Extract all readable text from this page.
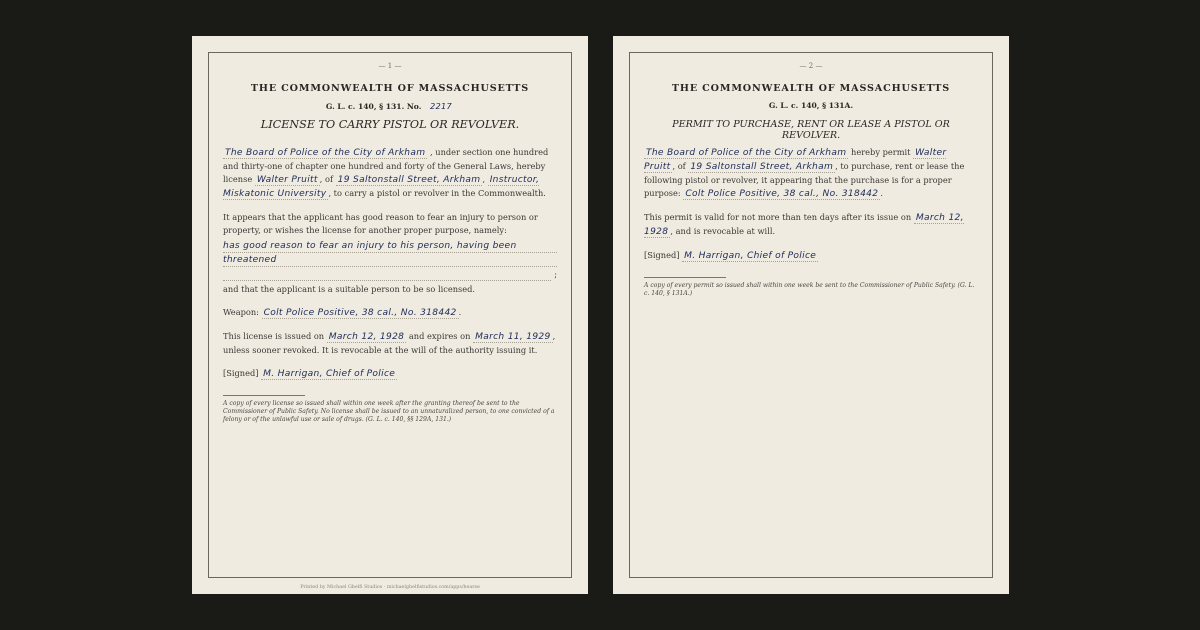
— 1 —
THE COMMONWEALTH OF MASSACHUSETTS
G. L. c. 140, § 131. No. 2217
LICENSE TO CARRY PISTOL OR REVOLVER.

The Board of Police of the City of Arkham , under section one hundred and thirty-one of chapter one hundred and forty of the General Laws, hereby license Walter Pruitt , of 19 Saltonstall Street, Arkham , Instructor, Miskatonic University , to carry a pistol or revolver in the Commonwealth.

It appears that the applicant has good reason to fear an injury to person or property, or wishes the license for another proper purpose, namely:

has good reason to fear an injury to his person, having been
threatened
;

and that the applicant is a suitable person to be so licensed.

Weapon: Colt Police Positive, 38 cal., No. 318442 .

This license is issued on March 12, 1928 and expires on March 11, 1929 , unless sooner revoked. It is revocable at the will of the authority issuing it.

[Signed] M. Harrigan, Chief of Police

A copy of every license so issued shall within one week after the granting thereof be sent to the Commissioner of Public Safety. No license shall be issued to an unnaturalized person, to one convicted of a felony or of the unlawful use or sale of drugs. (G. L. c. 140, §§ 129A, 131.)
Printed by Michael Ghelfi Studios · michaelghelfistudios.com/apps/hearse
— 2 —
THE COMMONWEALTH OF MASSACHUSETTS
G. L. c. 140, § 131A.
PERMIT TO PURCHASE, RENT OR LEASE A PISTOL OR REVOLVER.

The Board of Police of the City of Arkham hereby permit Walter Pruitt , of 19 Saltonstall Street, Arkham , to purchase, rent or lease the following pistol or revolver, it appearing that the purchase is for a proper purpose: Colt Police Positive, 38 cal., No. 318442 .

This permit is valid for not more than ten days after its issue on March 12, 1928 , and is revocable at will.

[Signed] M. Harrigan, Chief of Police

A copy of every permit so issued shall within one week be sent to the Commissioner of Public Safety. (G. L. c. 140, § 131A.)
